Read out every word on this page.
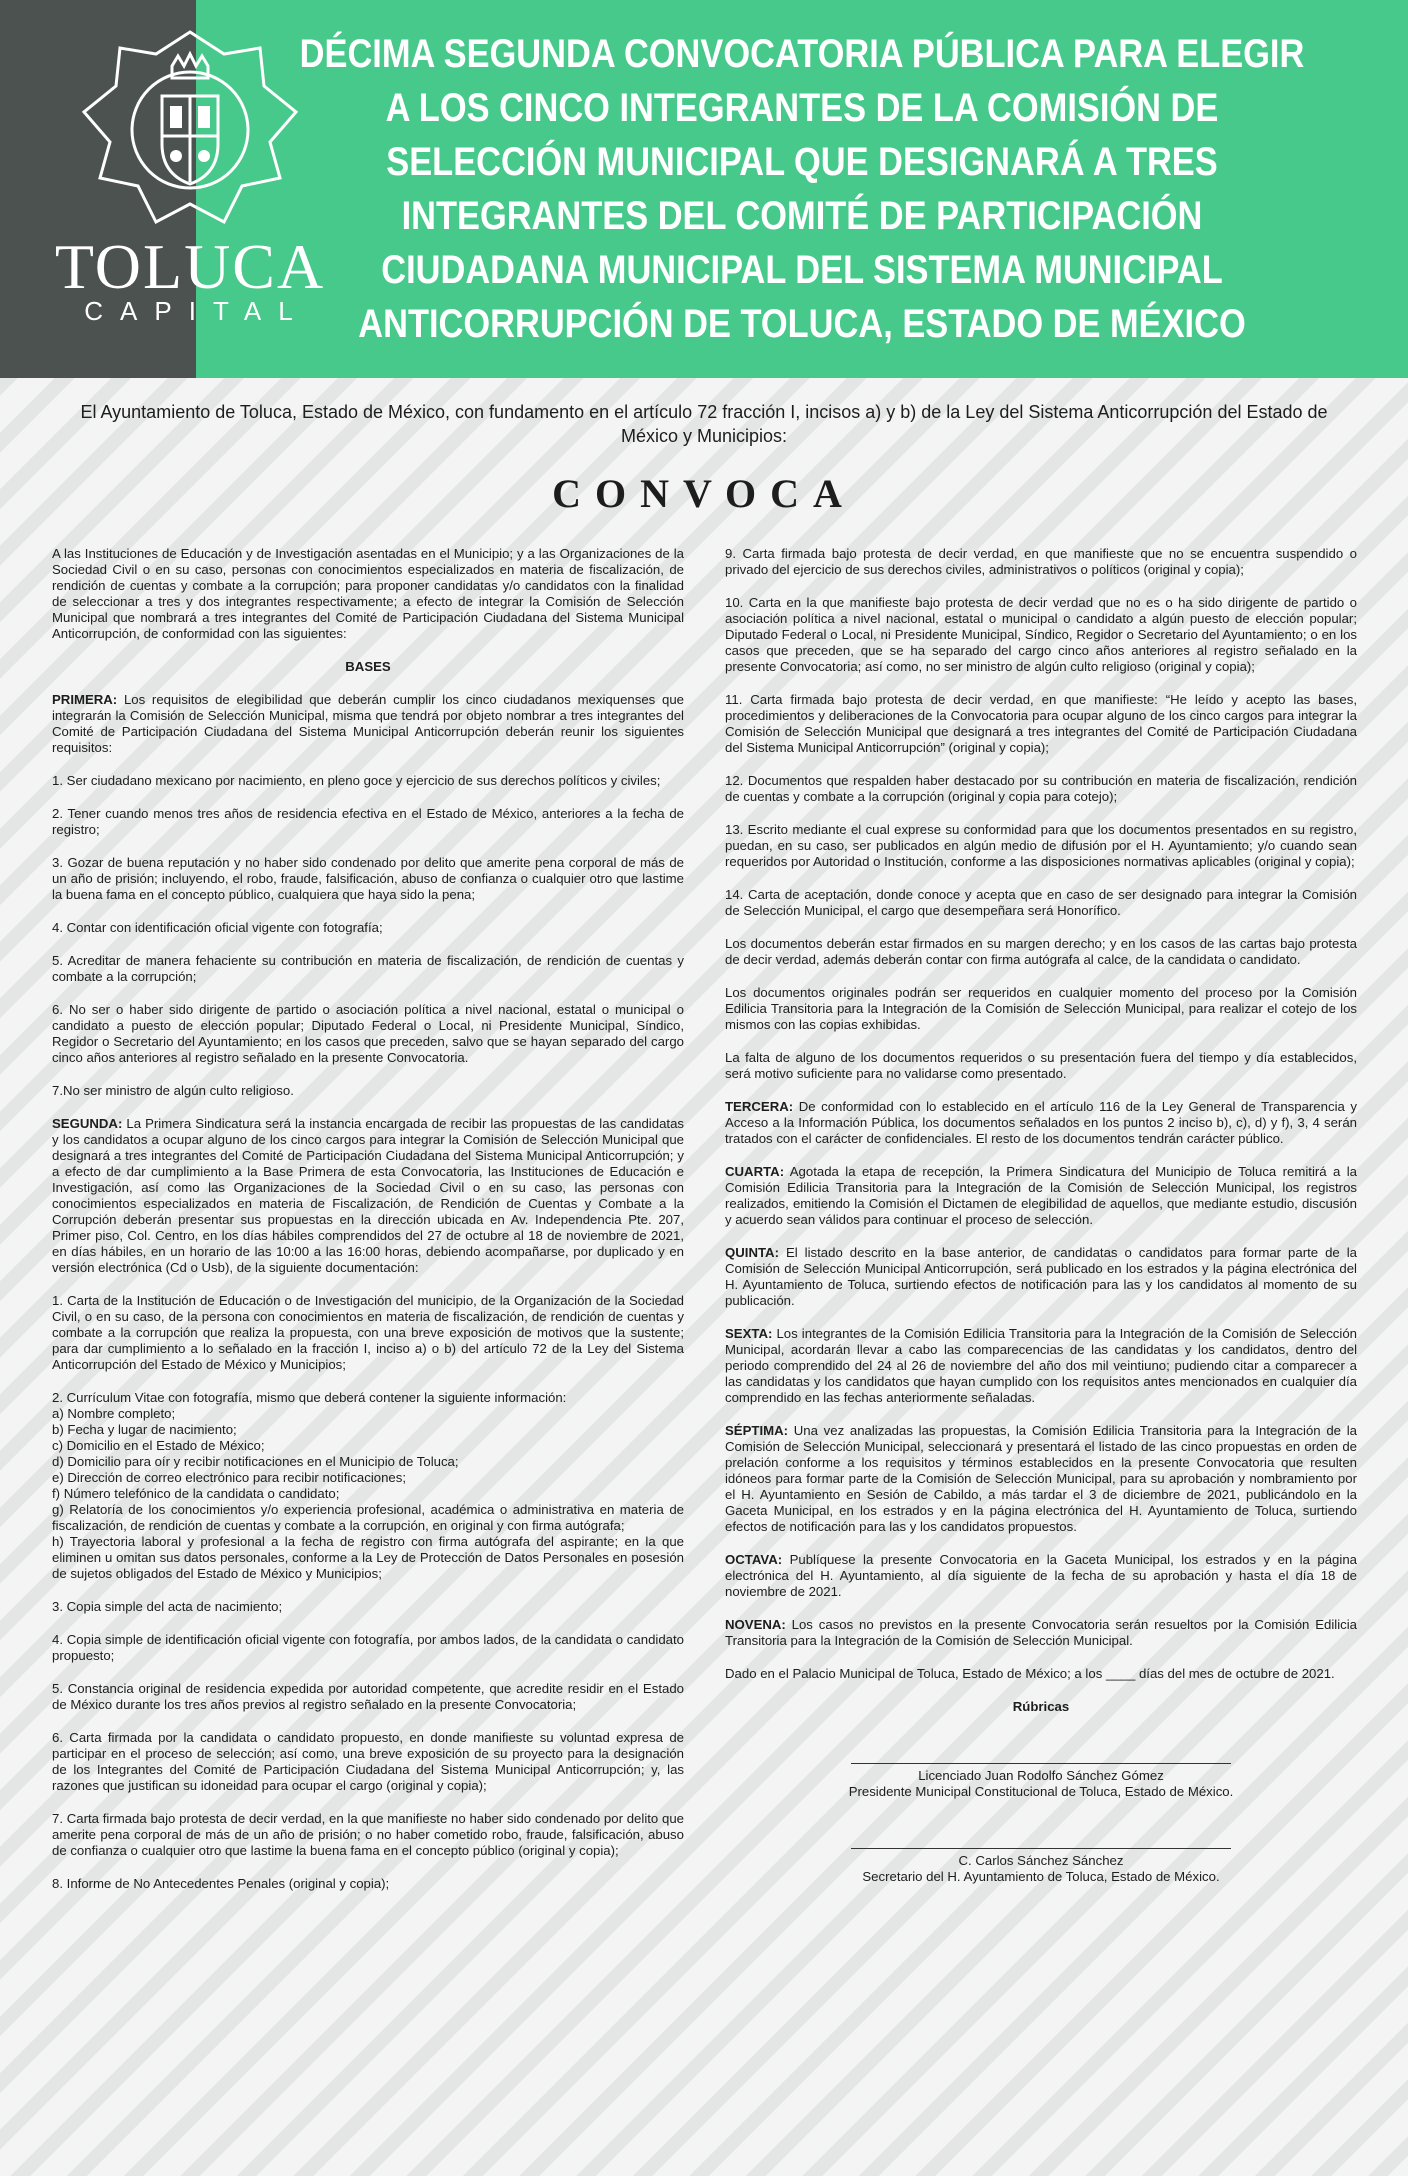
TOLUCA
CAPITAL
DÉCIMA SEGUNDA CONVOCATORIA PÚBLICA PARA ELEGIR A LOS CINCO INTEGRANTES DE LA COMISIÓN DE SELECCIÓN MUNICIPAL QUE DESIGNARÁ A TRES INTEGRANTES DEL COMITÉ DE PARTICIPACIÓN CIUDADANA MUNICIPAL DEL SISTEMA MUNICIPAL ANTICORRUPCIÓN DE TOLUCA, ESTADO DE MÉXICO

El Ayuntamiento de Toluca, Estado de México, con fundamento en el artículo 72 fracción I, incisos a) y b) de la Ley del Sistema Anticorrupción del Estado de México y Municipios:

CONVOCA

A las Instituciones de Educación y de Investigación asentadas en el Municipio; y a las Organizaciones de la Sociedad Civil o en su caso, personas con conocimientos especializados en materia de fiscalización, de rendición de cuentas y combate a la corrupción; para proponer candidatas y/o candidatos con la finalidad de seleccionar a tres y dos integrantes respectivamente; a efecto de integrar la Comisión de Selección Municipal que nombrará a tres integrantes del Comité de Participación Ciudadana del Sistema Municipal Anticorrupción, de conformidad con las siguientes:

BASES

PRIMERA: Los requisitos de elegibilidad que deberán cumplir los cinco ciudadanos mexiquenses que integrarán la Comisión de Selección Municipal, misma que tendrá por objeto nombrar a tres integrantes del Comité de Participación Ciudadana del Sistema Municipal Anticorrupción deberán reunir los siguientes requisitos:

1. Ser ciudadano mexicano por nacimiento, en pleno goce y ejercicio de sus derechos políticos y civiles;

2. Tener cuando menos tres años de residencia efectiva en el Estado de México, anteriores a la fecha de registro;

3. Gozar de buena reputación y no haber sido condenado por delito que amerite pena corporal de más de un año de prisión; incluyendo, el robo, fraude, falsificación, abuso de confianza o cualquier otro que lastime la buena fama en el concepto público, cualquiera que haya sido la pena;

4. Contar con identificación oficial vigente con fotografía;

5. Acreditar de manera fehaciente su contribución en materia de fiscalización, de rendición de cuentas y combate a la corrupción;

6. No ser o haber sido dirigente de partido o asociación política a nivel nacional, estatal o municipal o candidato a puesto de elección popular; Diputado Federal o Local, ni Presidente Municipal, Síndico, Regidor o Secretario del Ayuntamiento; en los casos que preceden, salvo que se hayan separado del cargo cinco años anteriores al registro señalado en la presente Convocatoria.

7.No ser ministro de algún culto religioso.

SEGUNDA: La Primera Sindicatura será la instancia encargada de recibir las propuestas de las candidatas y los candidatos a ocupar alguno de los cinco cargos para integrar la Comisión de Selección Municipal que designará a tres integrantes del Comité de Participación Ciudadana del Sistema Municipal Anticorrupción; y a efecto de dar cumplimiento a la Base Primera de esta Convocatoria, las Instituciones de Educación e Investigación, así como las Organizaciones de la Sociedad Civil o en su caso, las personas con conocimientos especializados en materia de Fiscalización, de Rendición de Cuentas y Combate a la Corrupción deberán presentar sus propuestas en la dirección ubicada en Av. Independencia Pte. 207, Primer piso, Col. Centro, en los días hábiles comprendidos del 27 de octubre al 18 de noviembre de 2021, en días hábiles, en un horario de las 10:00 a las 16:00 horas, debiendo acompañarse, por duplicado y en versión electrónica (Cd o Usb), de la siguiente documentación:

1. Carta de la Institución de Educación o de Investigación del municipio, de la Organización de la Sociedad Civil, o en su caso, de la persona con conocimientos en materia de fiscalización, de rendición de cuentas y combate a la corrupción que realiza la propuesta, con una breve exposición de motivos que la sustente; para dar cumplimiento a lo señalado en la fracción I, inciso a) o b) del artículo 72 de la Ley del Sistema Anticorrupción del Estado de México y Municipios;

2. Currículum Vitae con fotografía, mismo que deberá contener la siguiente información:
a) Nombre completo;
b) Fecha y lugar de nacimiento;
c) Domicilio en el Estado de México;
d) Domicilio para oír y recibir notificaciones en el Municipio de Toluca;
e) Dirección de correo electrónico para recibir notificaciones;
f) Número telefónico de la candidata o candidato;
g) Relatoría de los conocimientos y/o experiencia profesional, académica o administrativa en materia de fiscalización, de rendición de cuentas y combate a la corrupción, en original y con firma autógrafa;
h) Trayectoria laboral y profesional a la fecha de registro con firma autógrafa del aspirante; en la que eliminen u omitan sus datos personales, conforme a la Ley de Protección de Datos Personales en posesión de sujetos obligados del Estado de México y Municipios;

3. Copia simple del acta de nacimiento;

4. Copia simple de identificación oficial vigente con fotografía, por ambos lados, de la candidata o candidato propuesto;

5. Constancia original de residencia expedida por autoridad competente, que acredite residir en el Estado de México durante los tres años previos al registro señalado en la presente Convocatoria;

6. Carta firmada por la candidata o candidato propuesto, en donde manifieste su voluntad expresa de participar en el proceso de selección; así como, una breve exposición de su proyecto para la designación de los Integrantes del Comité de Participación Ciudadana del Sistema Municipal Anticorrupción; y, las razones que justifican su idoneidad para ocupar el cargo (original y copia);

7. Carta firmada bajo protesta de decir verdad, en la que manifieste no haber sido condenado por delito que amerite pena corporal de más de un año de prisión; o no haber cometido robo, fraude, falsificación, abuso de confianza o cualquier otro que lastime la buena fama en el concepto público (original y copia);

8. Informe de No Antecedentes Penales (original y copia);

9. Carta firmada bajo protesta de decir verdad, en que manifieste que no se encuentra suspendido o privado del ejercicio de sus derechos civiles, administrativos o políticos (original y copia);

10. Carta en la que manifieste bajo protesta de decir verdad que no es o ha sido dirigente de partido o asociación política a nivel nacional, estatal o municipal o candidato a algún puesto de elección popular; Diputado Federal o Local, ni Presidente Municipal, Síndico, Regidor o Secretario del Ayuntamiento; o en los casos que preceden, que se ha separado del cargo cinco años anteriores al registro señalado en la presente Convocatoria; así como, no ser ministro de algún culto religioso (original y copia);

11. Carta firmada bajo protesta de decir verdad, en que manifieste: “He leído y acepto las bases, procedimientos y deliberaciones de la Convocatoria para ocupar alguno de los cinco cargos para integrar la Comisión de Selección Municipal que designará a tres integrantes del Comité de Participación Ciudadana del Sistema Municipal Anticorrupción” (original y copia);

12. Documentos que respalden haber destacado por su contribución en materia de fiscalización, rendición de cuentas y combate a la corrupción (original y copia para cotejo);

13. Escrito mediante el cual exprese su conformidad para que los documentos presentados en su registro, puedan, en su caso, ser publicados en algún medio de difusión por el H. Ayuntamiento; y/o cuando sean requeridos por Autoridad o Institución, conforme a las disposiciones normativas aplicables (original y copia);

14. Carta de aceptación, donde conoce y acepta que en caso de ser designado para integrar la Comisión de Selección Municipal, el cargo que desempeñara será Honorífico.

Los documentos deberán estar firmados en su margen derecho; y en los casos de las cartas bajo protesta de decir verdad, además deberán contar con firma autógrafa al calce, de la candidata o candidato.

Los documentos originales podrán ser requeridos en cualquier momento del proceso por la Comisión Edilicia Transitoria para la Integración de la Comisión de Selección Municipal, para realizar el cotejo de los mismos con las copias exhibidas.

La falta de alguno de los documentos requeridos o su presentación fuera del tiempo y día establecidos, será motivo suficiente para no validarse como presentado.

TERCERA: De conformidad con lo establecido en el artículo 116 de la Ley General de Transparencia y Acceso a la Información Pública, los documentos señalados en los puntos 2 inciso b), c), d) y f), 3, 4 serán tratados con el carácter de confidenciales. El resto de los documentos tendrán carácter público.

CUARTA: Agotada la etapa de recepción, la Primera Sindicatura del Municipio de Toluca remitirá a la Comisión Edilicia Transitoria para la Integración de la Comisión de Selección Municipal, los registros realizados, emitiendo la Comisión el Dictamen de elegibilidad de aquellos, que mediante estudio, discusión y acuerdo sean válidos para continuar el proceso de selección.

QUINTA: El listado descrito en la base anterior, de candidatas o candidatos para formar parte de la Comisión de Selección Municipal Anticorrupción, será publicado en los estrados y la página electrónica del H. Ayuntamiento de Toluca, surtiendo efectos de notificación para las y los candidatos al momento de su publicación.

SEXTA: Los integrantes de la Comisión Edilicia Transitoria para la Integración de la Comisión de Selección Municipal, acordarán llevar a cabo las comparecencias de las candidatas y los candidatos, dentro del periodo comprendido del 24 al 26 de noviembre del año dos mil veintiuno; pudiendo citar a comparecer a las candidatas y los candidatos que hayan cumplido con los requisitos antes mencionados en cualquier día comprendido en las fechas anteriormente señaladas.

SÉPTIMA: Una vez analizadas las propuestas, la Comisión Edilicia Transitoria para la Integración de la Comisión de Selección Municipal, seleccionará y presentará el listado de las cinco propuestas en orden de prelación conforme a los requisitos y términos establecidos en la presente Convocatoria que resulten idóneos para formar parte de la Comisión de Selección Municipal, para su aprobación y nombramiento por el H. Ayuntamiento en Sesión de Cabildo, a más tardar el 3 de diciembre de 2021, publicándolo en la Gaceta Municipal, en los estrados y en la página electrónica del H. Ayuntamiento de Toluca, surtiendo efectos de notificación para las y los candidatos propuestos.

OCTAVA: Publíquese la presente Convocatoria en la Gaceta Municipal, los estrados y en la página electrónica del H. Ayuntamiento, al día siguiente de la fecha de su aprobación y hasta el día 18 de noviembre de 2021.

NOVENA: Los casos no previstos en la presente Convocatoria serán resueltos por la Comisión Edilicia Transitoria para la Integración de la Comisión de Selección Municipal.

Dado en el Palacio Municipal de Toluca, Estado de México; a los ____ días del mes de octubre de 2021.

Rúbricas

Licenciado Juan Rodolfo Sánchez Gómez
Presidente Municipal Constitucional de Toluca, Estado de México.
C. Carlos Sánchez Sánchez
Secretario del H. Ayuntamiento de Toluca, Estado de México.
